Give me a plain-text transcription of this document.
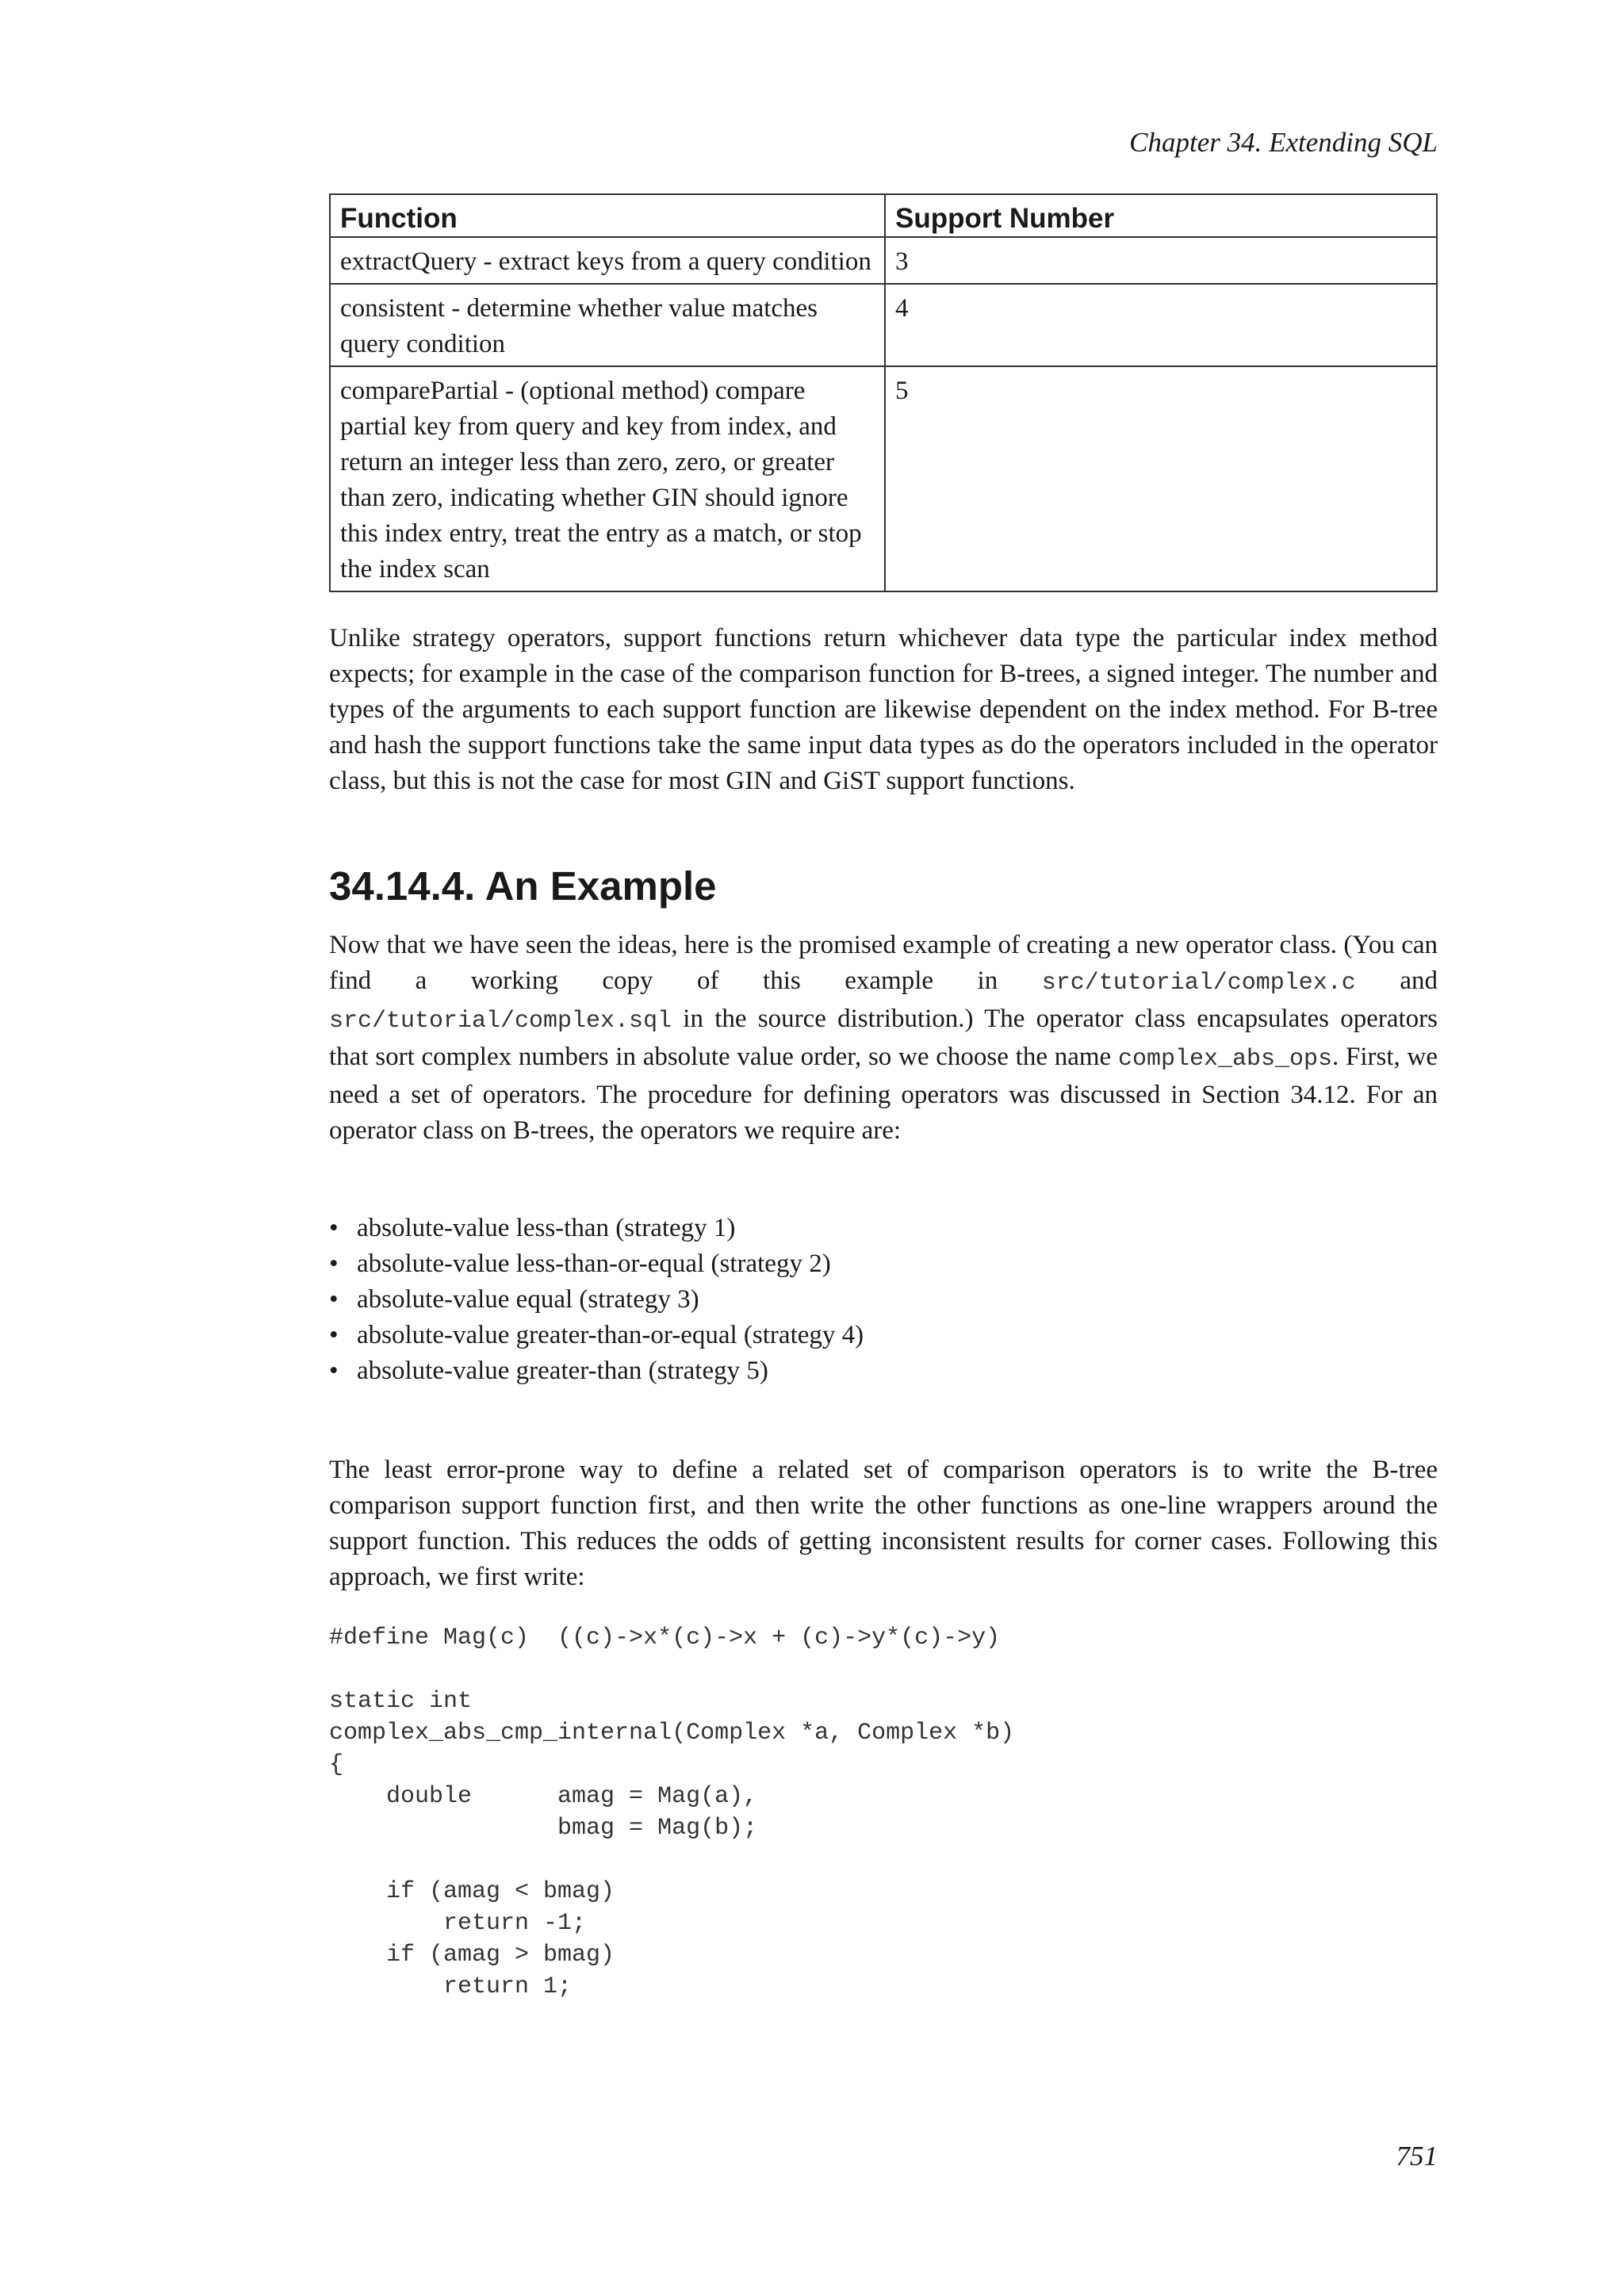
Chapter 34. Extending SQL
Function	Support Number
extractQuery - extract keys from a query condition	3
consistent - determine whether value matches query condition	4
comparePartial - (optional method) compare partial key from query and key from index, and return an integer less than zero, zero, or greater than zero, indicating whether GIN should ignore this index entry, treat the entry as a match, or stop the index scan	5

Unlike strategy operators, support functions return whichever data type the particular index method expects; for example in the case of the comparison function for B-trees, a signed integer. The number and types of the arguments to each support function are likewise dependent on the index method. For B-tree and hash the support functions take the same input data types as do the operators included in the operator class, but this is not the case for most GIN and GiST support functions.

34.14.4. An Example

Now that we have seen the ideas, here is the promised example of creating a new operator class. (You can find a working copy of this example in src/tutorial/complex.c and src/tutorial/complex.sql in the source distribution.) The operator class encapsulates operators that sort complex numbers in absolute value order, so we choose the name complex_abs_ops. First, we need a set of operators. The procedure for defining operators was discussed in Section 34.12. For an operator class on B-trees, the operators we require are:

• absolute-value less-than (strategy 1)
• absolute-value less-than-or-equal (strategy 2)
• absolute-value equal (strategy 3)
• absolute-value greater-than-or-equal (strategy 4)
• absolute-value greater-than (strategy 5)

The least error-prone way to define a related set of comparison operators is to write the B-tree comparison support function first, and then write the other functions as one-line wrappers around the support function. This reduces the odds of getting inconsistent results for corner cases. Following this approach, we first write:

#define Mag(c)  ((c)->x*(c)->x + (c)->y*(c)->y)

static int
complex_abs_cmp_internal(Complex *a, Complex *b)
{
double      amag = Mag(a),
bmag = Mag(b);

if (amag < bmag)
return -1;
if (amag > bmag)
return 1;
751
